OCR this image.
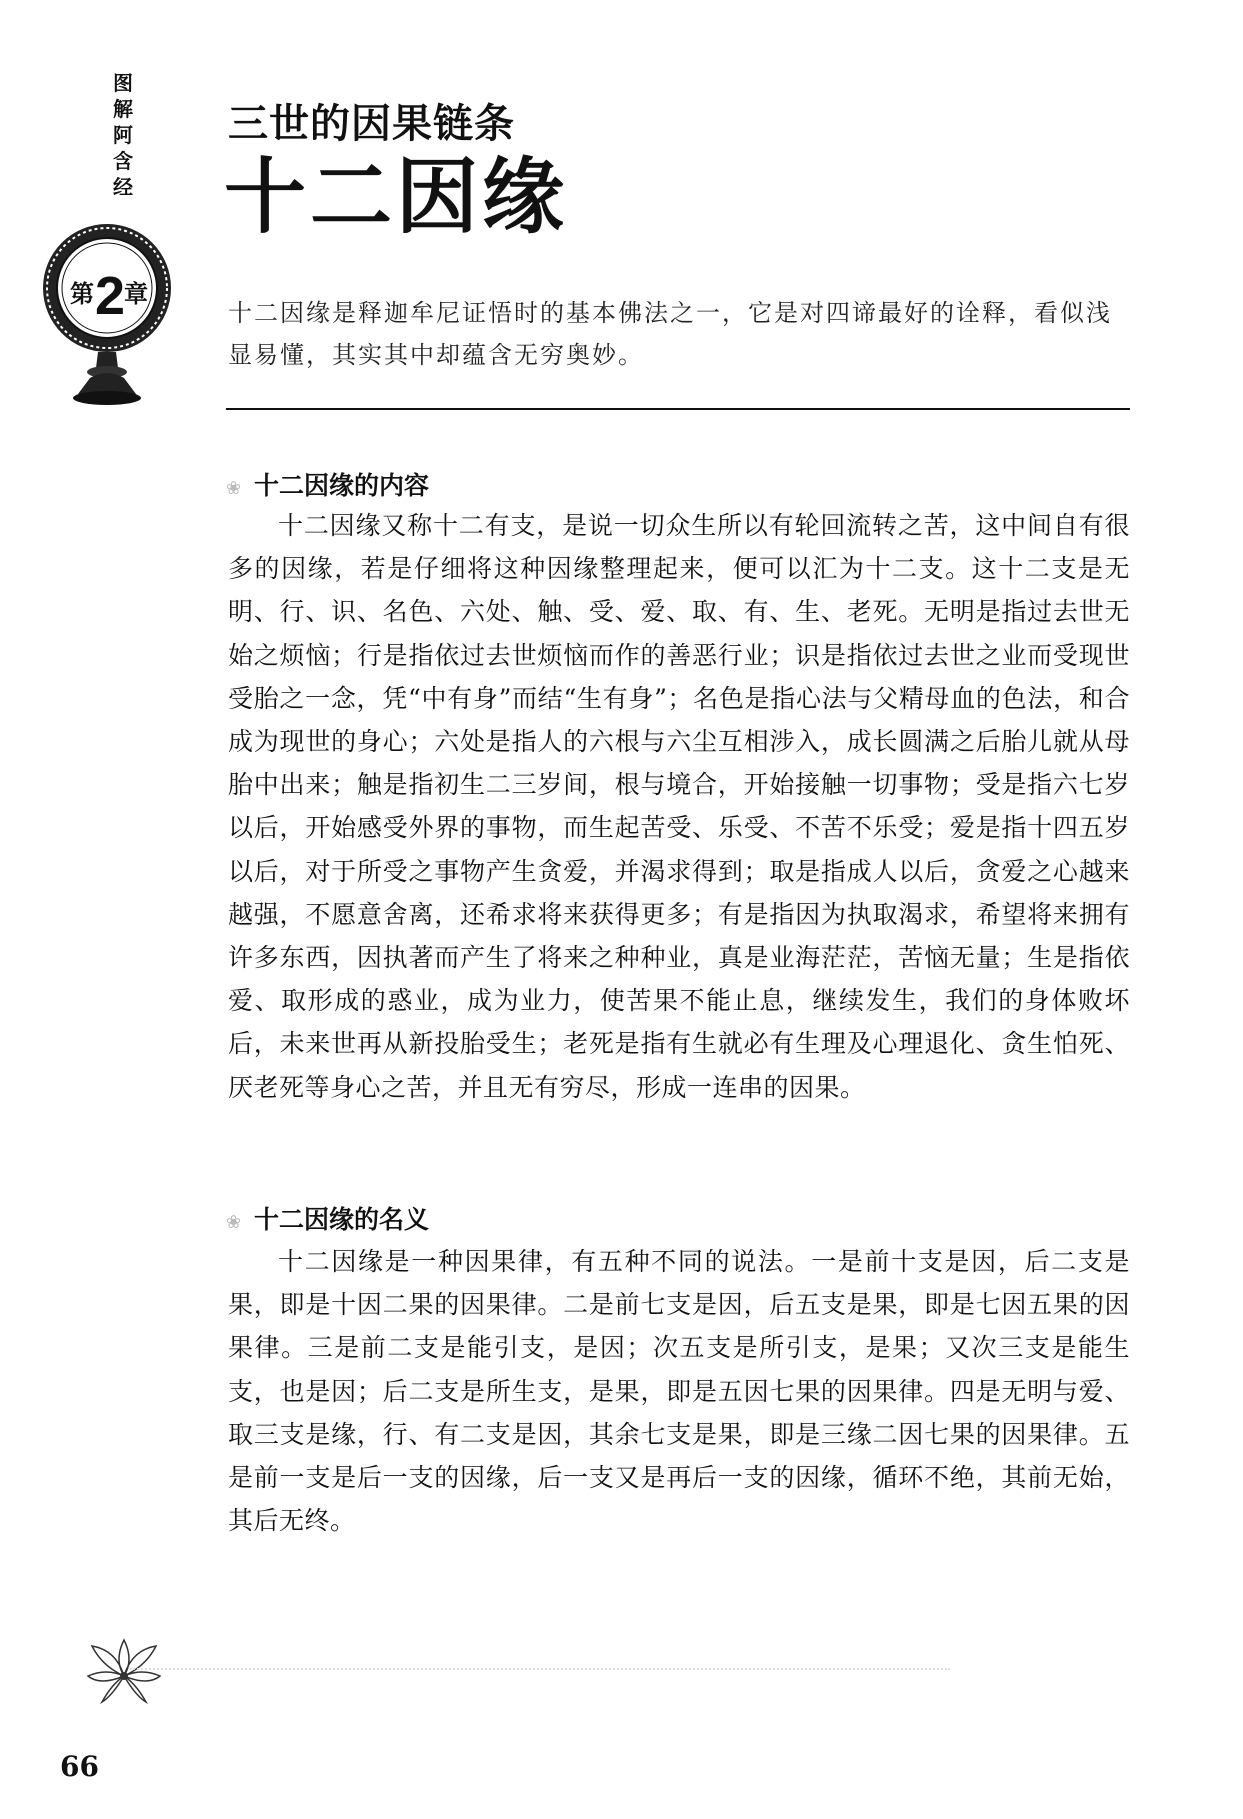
图
解
阿
含
经
第 2
章
三世的因果链条
十二因缘
十二因缘是释迦牟尼证悟时的基本佛法之一，它是对四谛最好的诠释，看似浅显易懂，其实其中却蕴含无穷奥妙。
❀ 十二因缘的内容
十二因缘又称十二有支，是说一切众生所以有轮回流转之苦，这中间自有很多的因缘，若是仔细将这种因缘整理起来，便可以汇为十二支。这十二支是无明、行、识、名色、六处、触、受、爱、取、有、生、老死。无明是指过去世无始之烦恼；行是指依过去世烦恼而作的善恶行业；识是指依过去世之业而受现世受胎之一念，凭“中有身”而结“生有身”；名色是指心法与父精母血的色法，和合成为现世的身心；六处是指人的六根与六尘互相涉入，成长圆满之后胎儿就从母胎中出来；触是指初生二三岁间，根与境合，开始接触一切事物；受是指六七岁以后，开始感受外界的事物，而生起苦受、乐受、不苦不乐受；爱是指十四五岁以后，对于所受之事物产生贪爱，并渴求得到；取是指成人以后，贪爱之心越来越强，不愿意舍离，还希求将来获得更多；有是指因为执取渴求，希望将来拥有许多东西，因执著而产生了将来之种种业，真是业海茫茫，苦恼无量；生是指依爱、取形成的惑业，成为业力，使苦果不能止息，继续发生，我们的身体败坏后，未来世再从新投胎受生；老死是指有生就必有生理及心理退化、贪生怕死、厌老死等身心之苦，并且无有穷尽，形成一连串的因果。
❀ 十二因缘的名义
十二因缘是一种因果律，有五种不同的说法。一是前十支是因，后二支是果，即是十因二果的因果律。二是前七支是因，后五支是果，即是七因五果的因果律。三是前二支是能引支，是因；次五支是所引支，是果；又次三支是能生支，也是因；后二支是所生支，是果，即是五因七果的因果律。四是无明与爱、取三支是缘，行、有二支是因，其余七支是果，即是三缘二因七果的因果律。五是前一支是后一支的因缘，后一支又是再后一支的因缘，循环不绝，其前无始，其后无终。
66
